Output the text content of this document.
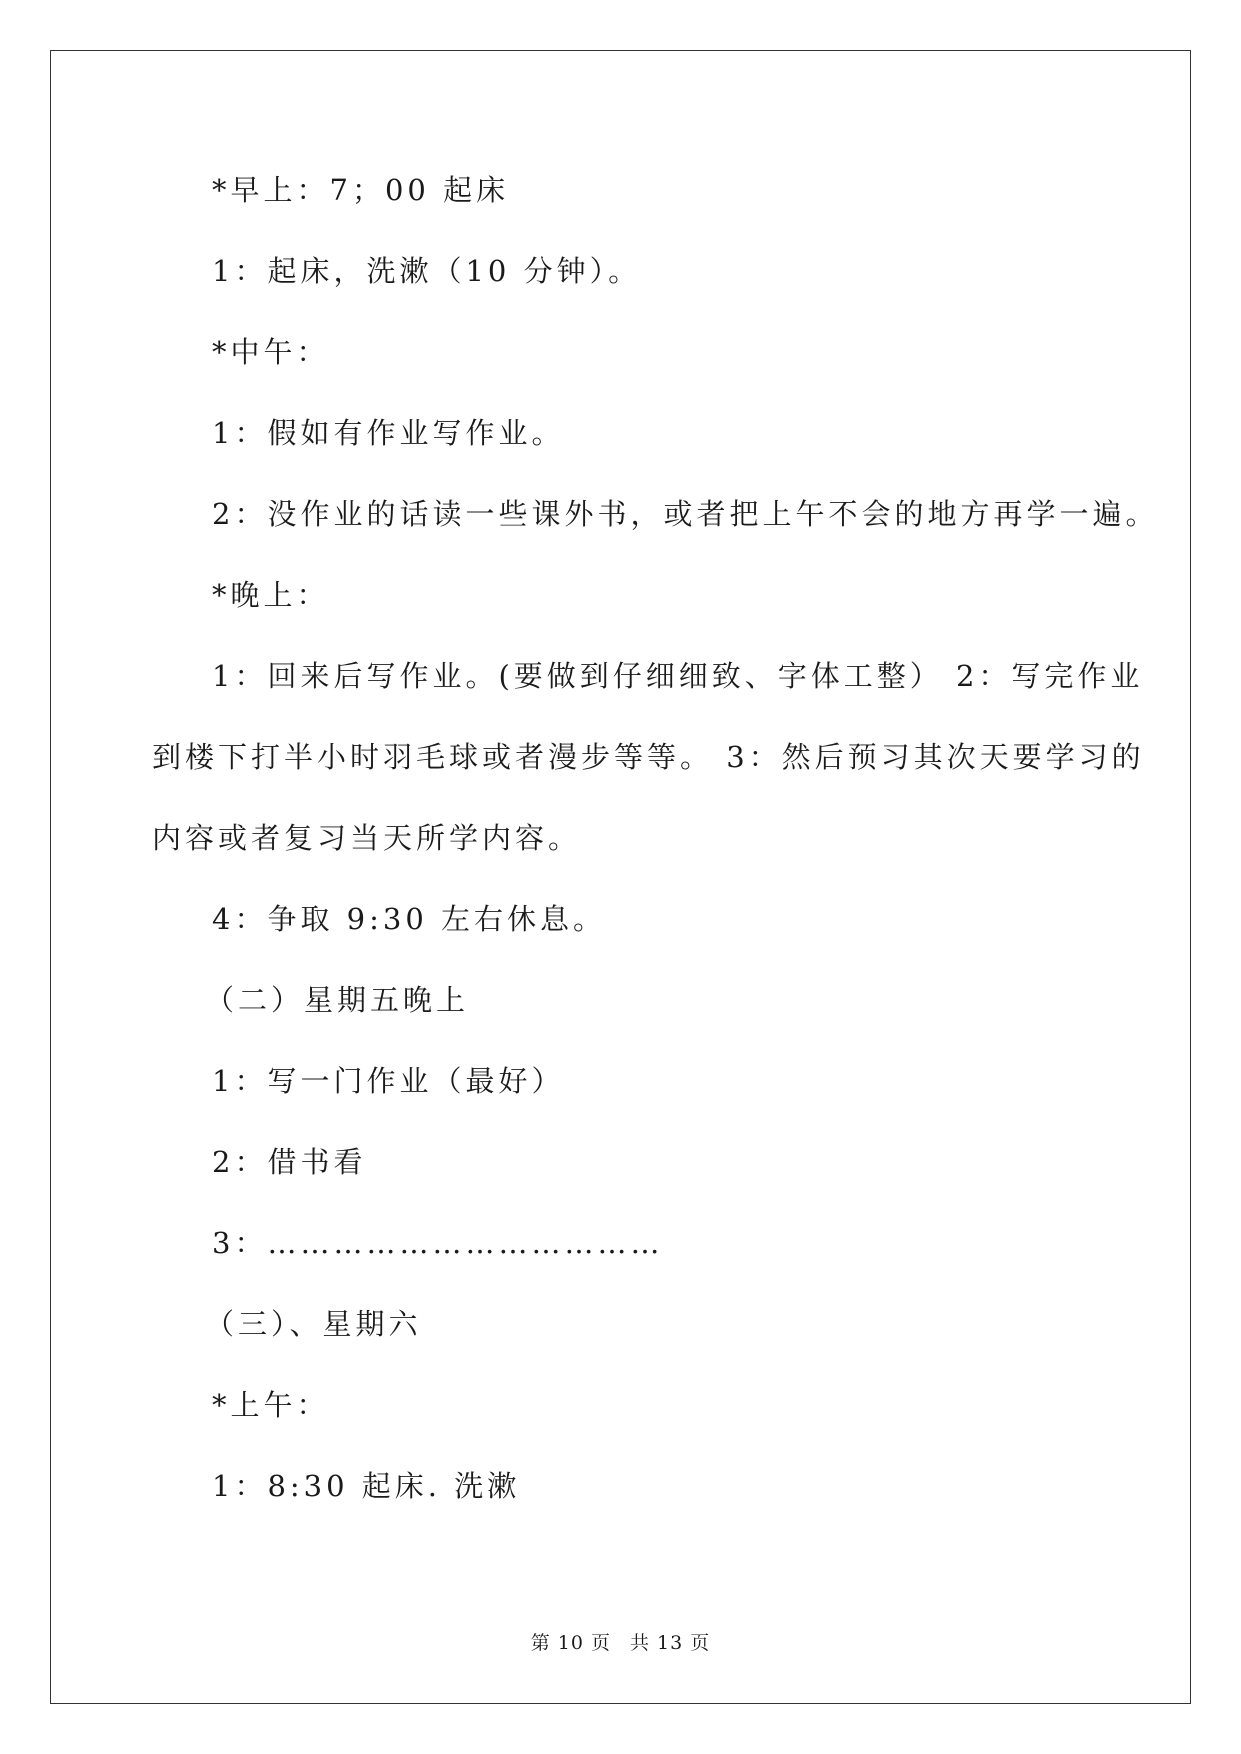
*早上：7；00 起床
1：起床，洗漱（10 分钟）。
*中午：
1：假如有作业写作业。
2：没作业的话读一些课外书，或者把上午不会的地方再学一遍。
*晚上：
1：回来后写作业。(要做到仔细细致、字体工整） 2：写完作业
到楼下打半小时羽毛球或者漫步等等。 3：然后预习其次天要学习的
内容或者复习当天所学内容。
4：争取 9:30 左右休息。
（二）星期五晚上
1：写一门作业（最好）
2：借书看
3：………………………………
（三）、星期六
*上午：
1：8:30 起床. 洗漱
第 10 页 共 13 页
